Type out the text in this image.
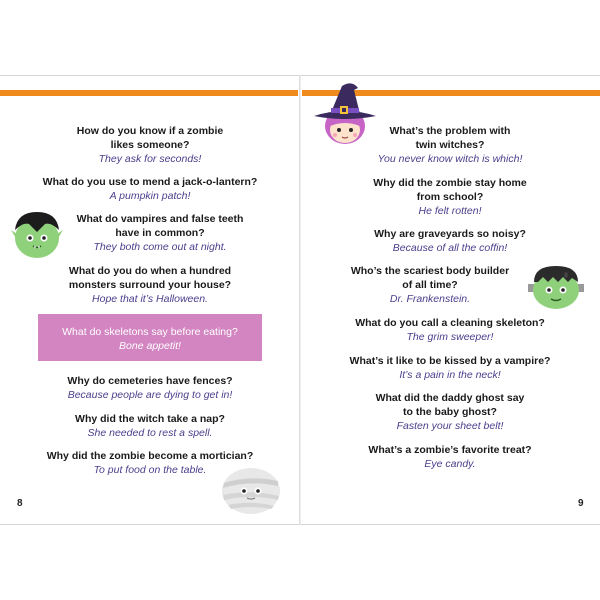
How do you know if a zombie
likes someone?
They ask for seconds!
What do you use to mend a jack-o-lantern?
A pumpkin patch!
What do vampires and false teeth
have in common?
They both come out at night.
What do you do when a hundred
monsters surround your house?
Hope that it’s Halloween.
What do skeletons say before eating?
Bone appetit!
Why do cemeteries have fences?
Because people are dying to get in!
Why did the witch take a nap?
She needed to rest a spell.
Why did the zombie become a mortician?
To put food on the table.
8
What’s the problem with
twin witches?
You never know witch is which!
Why did the zombie stay home
from school?
He felt rotten!
Why are graveyards so noisy?
Because of all the coffin!
Who’s the scariest body builder
of all time?
Dr. Frankenstein.
What do you call a cleaning skeleton?
The grim sweeper!
What’s it like to be kissed by a vampire?
It’s a pain in the neck!
What did the daddy ghost say
to the baby ghost?
Fasten your sheet belt!
What’s a zombie’s favorite treat?
Eye candy.
9
